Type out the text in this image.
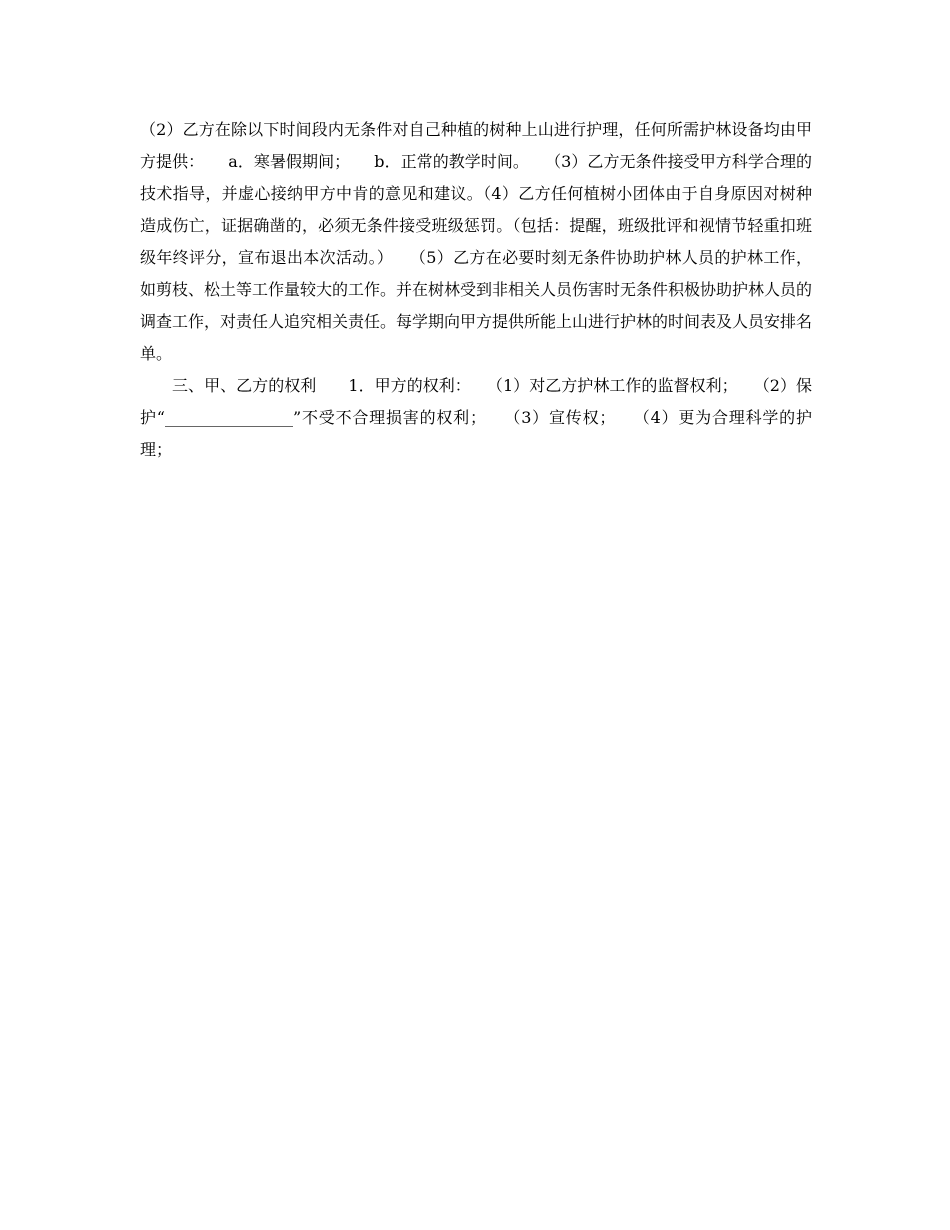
（2）乙方在除以下时间段内无条件对自己种植的树种上山进行护理，任何所需护林设备均由甲方提供：　　a．寒暑假期间；　　b．正常的教学时间。　　（3）乙方无条件接受甲方科学合理的技术指导，并虚心接纳甲方中肯的意见和建议。（4）乙方任何植树小团体由于自身原因对树种造成伤亡，证据确凿的，必须无条件接受班级惩罚。（包括：提醒，班级批评和视情节轻重扣班级年终评分，宣布退出本次活动。）　　（5）乙方在必要时刻无条件协助护林人员的护林工作，如剪枝、松土等工作量较大的工作。并在树林受到非相关人员伤害时无条件积极协助护林人员的调查工作，对责任人追究相关责任。每学期向甲方提供所能上山进行护林的时间表及人员安排名单。

三、甲、乙方的权利　　1．甲方的权利：　　（1）对乙方护林工作的监督权利；　　（2）保护“________________”不受不合理损害的权利；　　（3）宣传权；　　（4）更为合理科学的护理；
